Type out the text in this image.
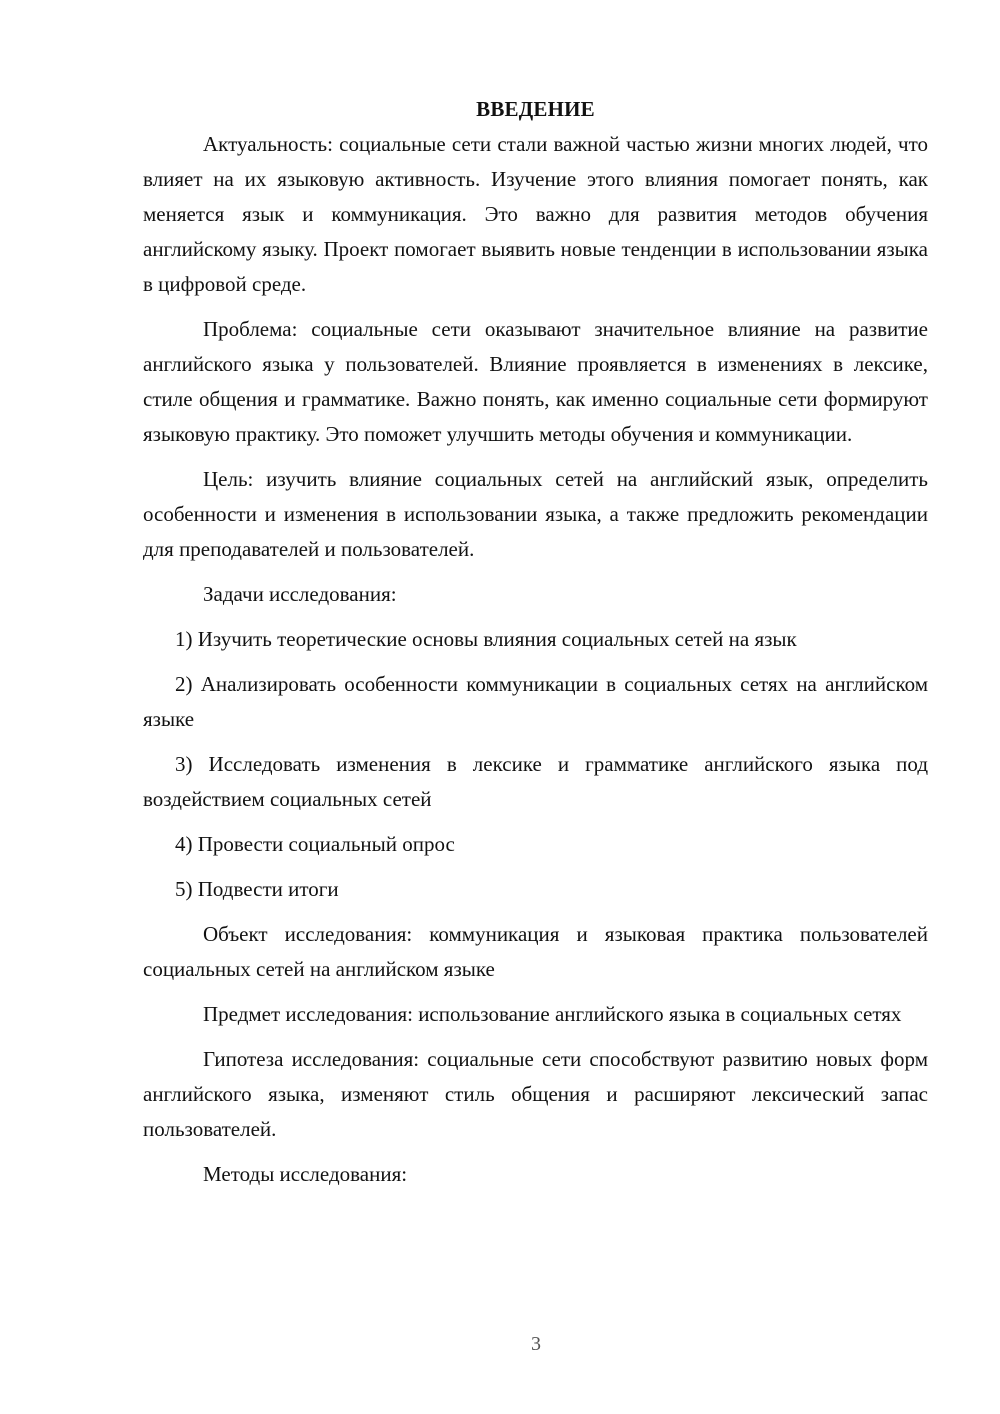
ВВЕДЕНИЕ

Актуальность: социальные сети стали важной частью жизни многих людей, что влияет на их языковую активность. Изучение этого влияния помогает понять, как меняется язык и коммуникация. Это важно для развития методов обучения английскому языку. Проект помогает выявить новые тенденции в использовании языка в цифровой среде.

Проблема: социальные сети оказывают значительное влияние на развитие английского языка у пользователей. Влияние проявляется в изменениях в лексике, стиле общения и грамматике. Важно понять, как именно социальные сети формируют языковую практику. Это поможет улучшить методы обучения и коммуникации.

Цель: изучить влияние социальных сетей на английский язык, определить особенности и изменения в использовании языка, а также предложить рекомендации для преподавателей и пользователей.

Задачи исследования:

1) Изучить теоретические основы влияния социальных сетей на язык

2) Анализировать особенности коммуникации в социальных сетях на английском языке

3) Исследовать изменения в лексике и грамматике английского языка под воздействием социальных сетей

4) Провести социальный опрос

5) Подвести итоги

Объект исследования: коммуникация и языковая практика пользователей социальных сетей на английском языке

Предмет исследования: использование английского языка в социальных сетях

Гипотеза исследования: социальные сети способствуют развитию новых форм английского языка, изменяют стиль общения и расширяют лексический запас пользователей.

Методы исследования:

3
